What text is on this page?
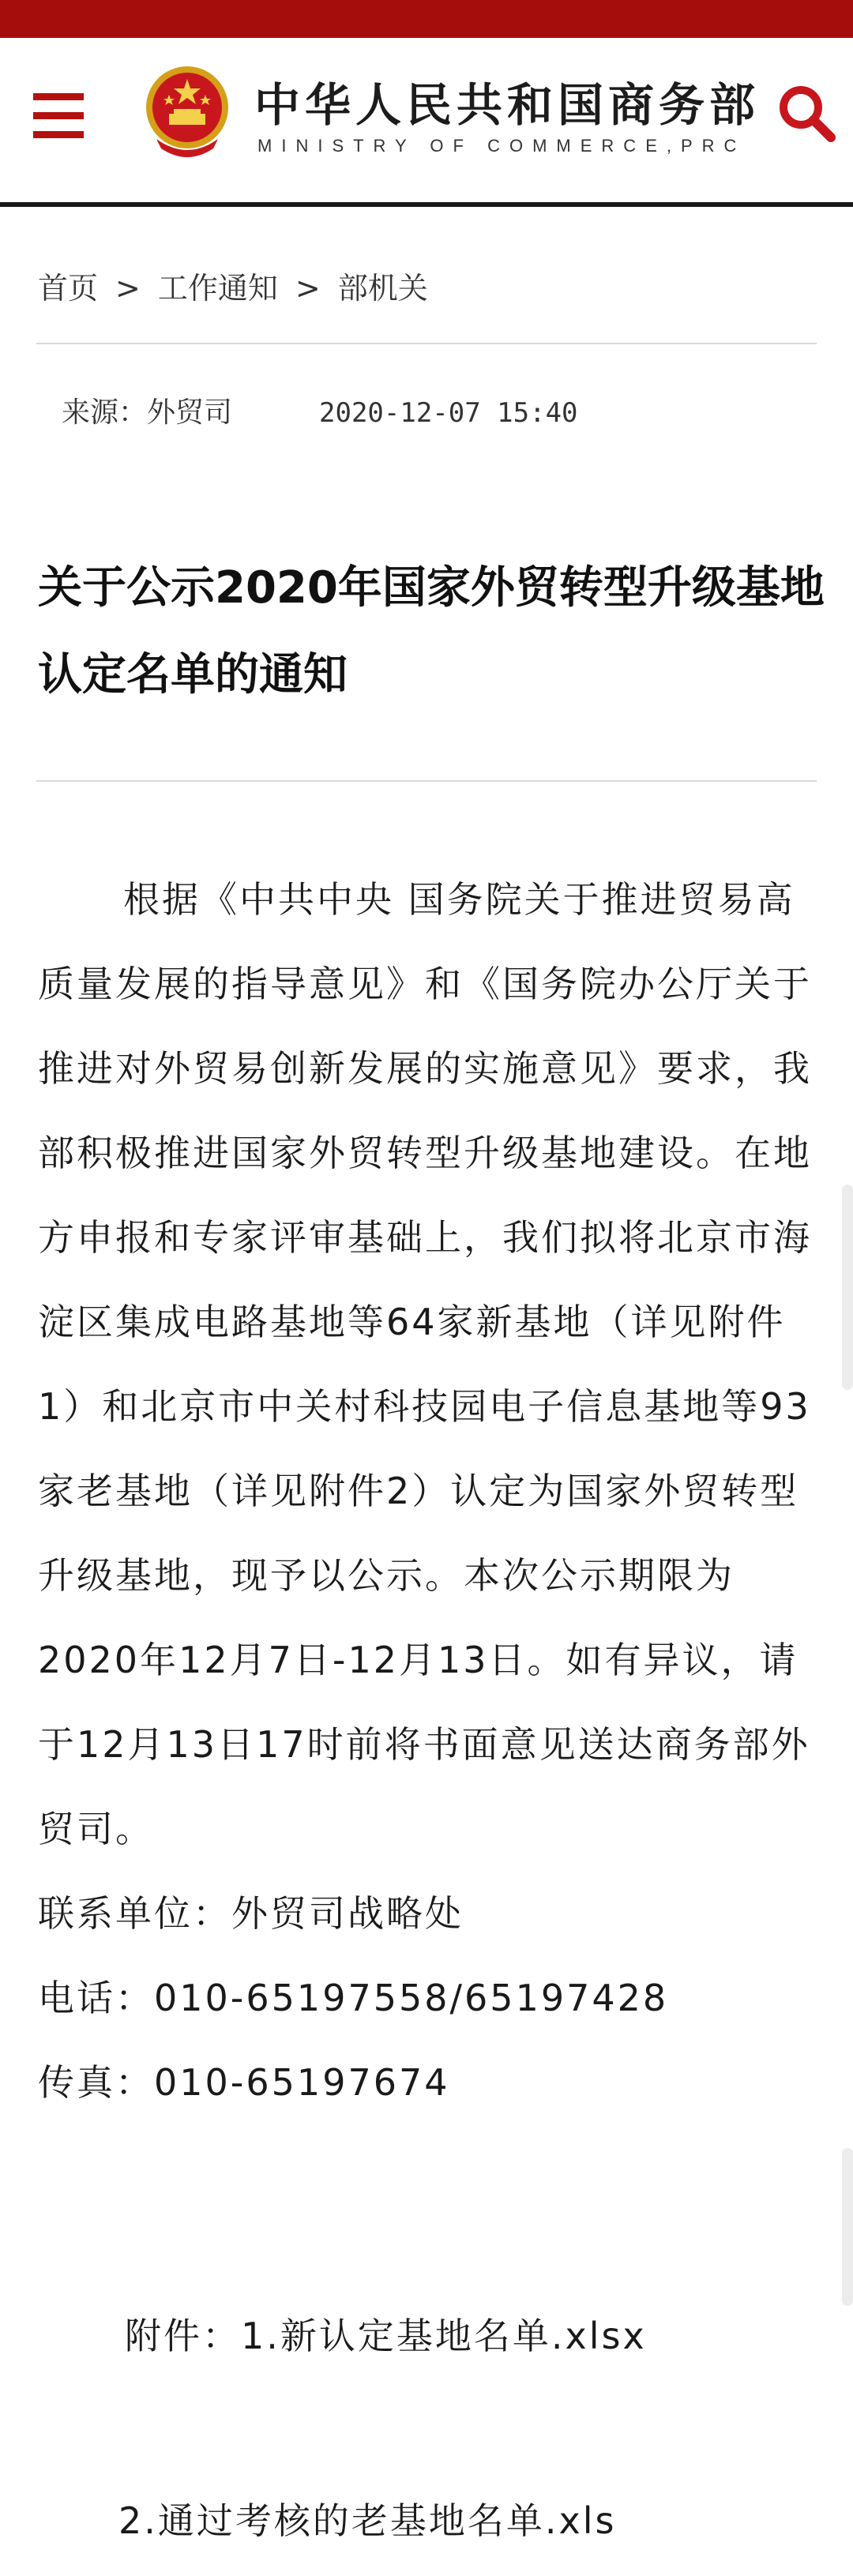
中华人民共和国商务部
MINISTRY OF COMMERCE,PRC
首页 > 工作通知 > 部机关
来源：外贸司	2020-12-07 15:40
关于公示2020年国家外贸转型升级基地认定名单的通知

根据《中共中央 国务院关于推进贸易高质量发展的指导意见》和《国务院办公厅关于推进对外贸易创新发展的实施意见》要求，我部积极推进国家外贸转型升级基地建设。在地方申报和专家评审基础上，我们拟将北京市海淀区集成电路基地等64家新基地（详见附件1）和北京市中关村科技园电子信息基地等93家老基地（详见附件2）认定为国家外贸转型升级基地，现予以公示。本次公示期限为2020年12月7日-12月13日。如有异议，请于12月13日17时前将书面意见送达商务部外贸司。

联系单位：外贸司战略处

电话：010-65197558/65197428

传真：010-65197674

附件：1.新认定基地名单.xlsx
2.通过考核的老基地名单.xls
